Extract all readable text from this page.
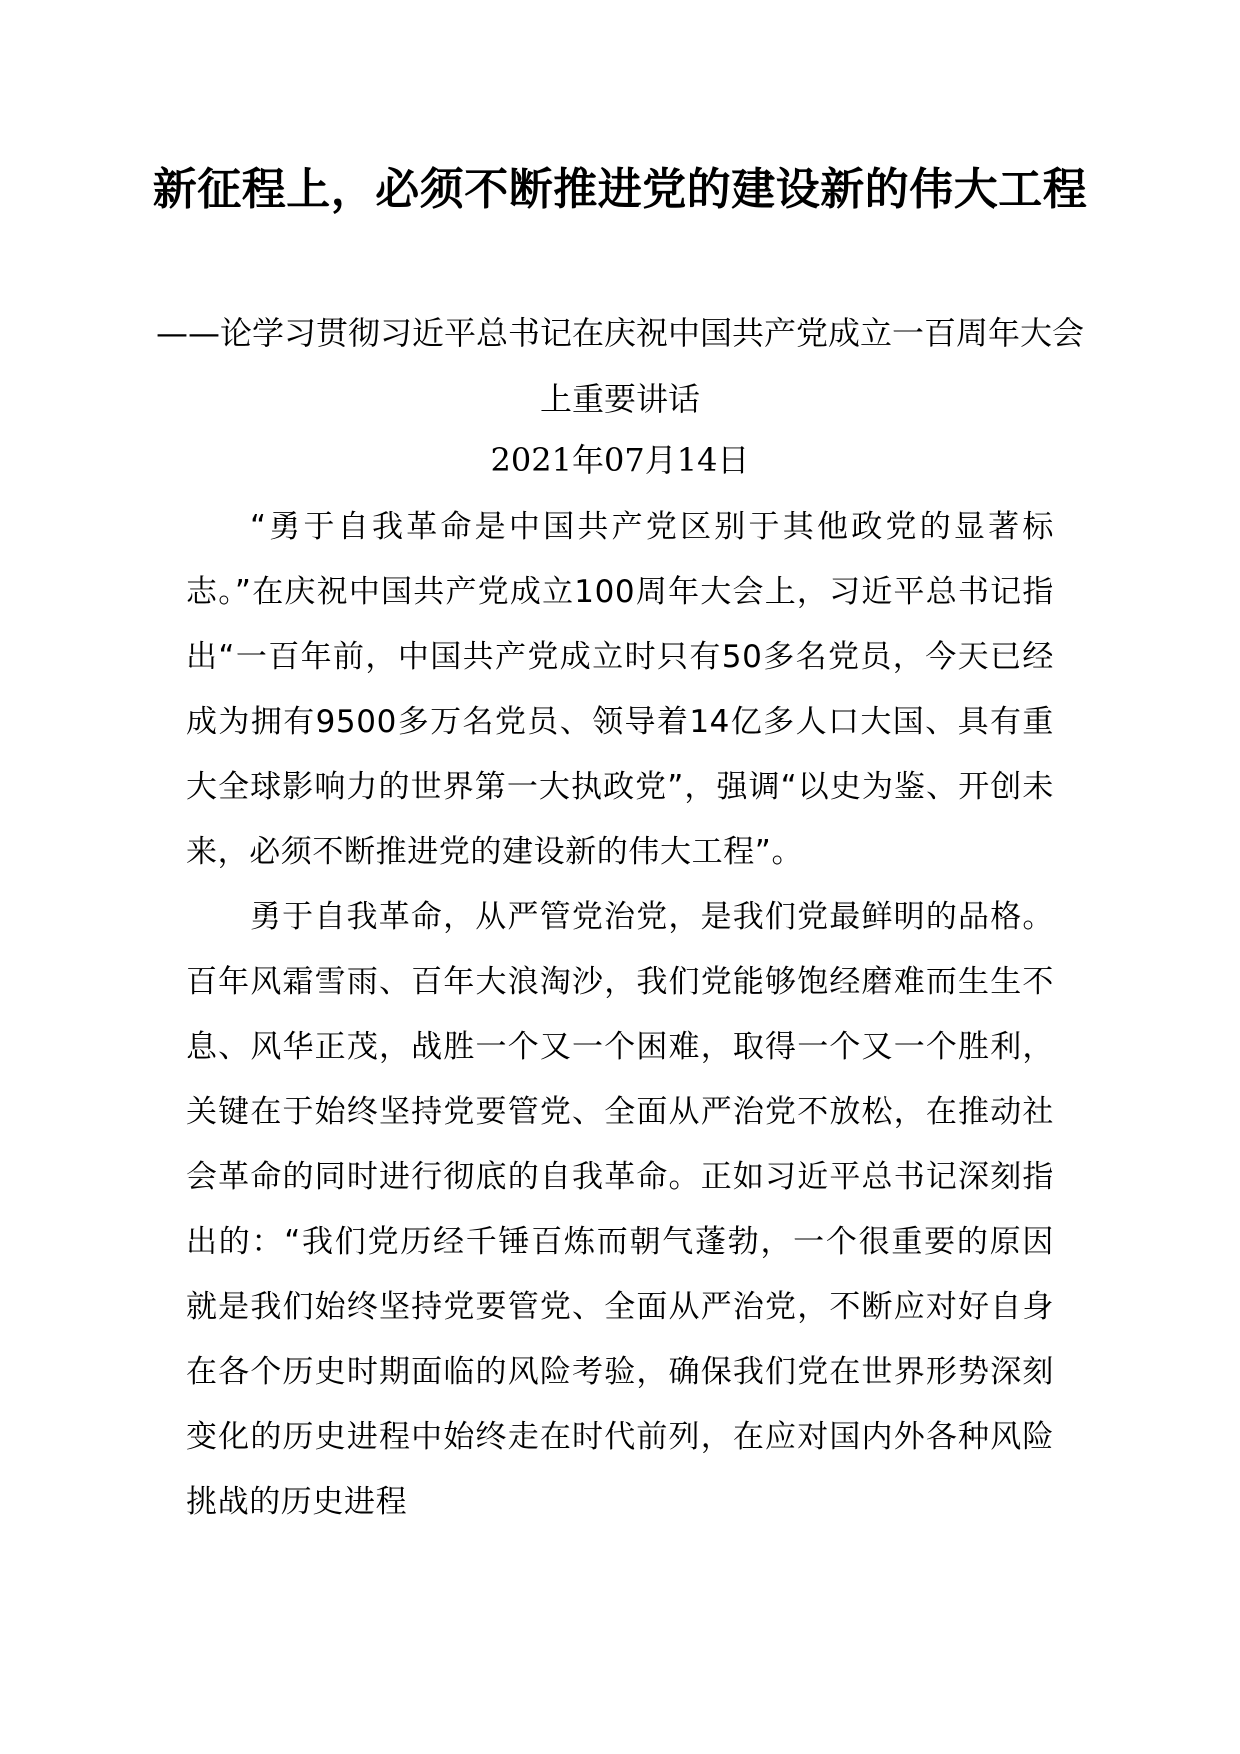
新征程上，必须不断推进党的建设新的伟大工程
——论学习贯彻习近平总书记在庆祝中国共产党成立一百周年大会上重要讲话
2021年07月14日

“勇于自我革命是中国共产党区别于其他政党的显著标志。”在庆祝中国共产党成立100周年大会上，习近平总书记指出“一百年前，中国共产党成立时只有50多名党员，今天已经成为拥有9500多万名党员、领导着14亿多人口大国、具有重大全球影响力的世界第一大执政党”，强调“以史为鉴、开创未来，必须不断推进党的建设新的伟大工程”。

勇于自我革命，从严管党治党，是我们党最鲜明的品格。百年风霜雪雨、百年大浪淘沙，我们党能够饱经磨难而生生不息、风华正茂，战胜一个又一个困难，取得一个又一个胜利，关键在于始终坚持党要管党、全面从严治党不放松，在推动社会革命的同时进行彻底的自我革命。正如习近平总书记深刻指出的：“我们党历经千锤百炼而朝气蓬勃，一个很重要的原因就是我们始终坚持党要管党、全面从严治党，不断应对好自身在各个历史时期面临的风险考验，确保我们党在世界形势深刻变化的历史进程中始终走在时代前列，在应对国内外各种风险挑战的历史进程
